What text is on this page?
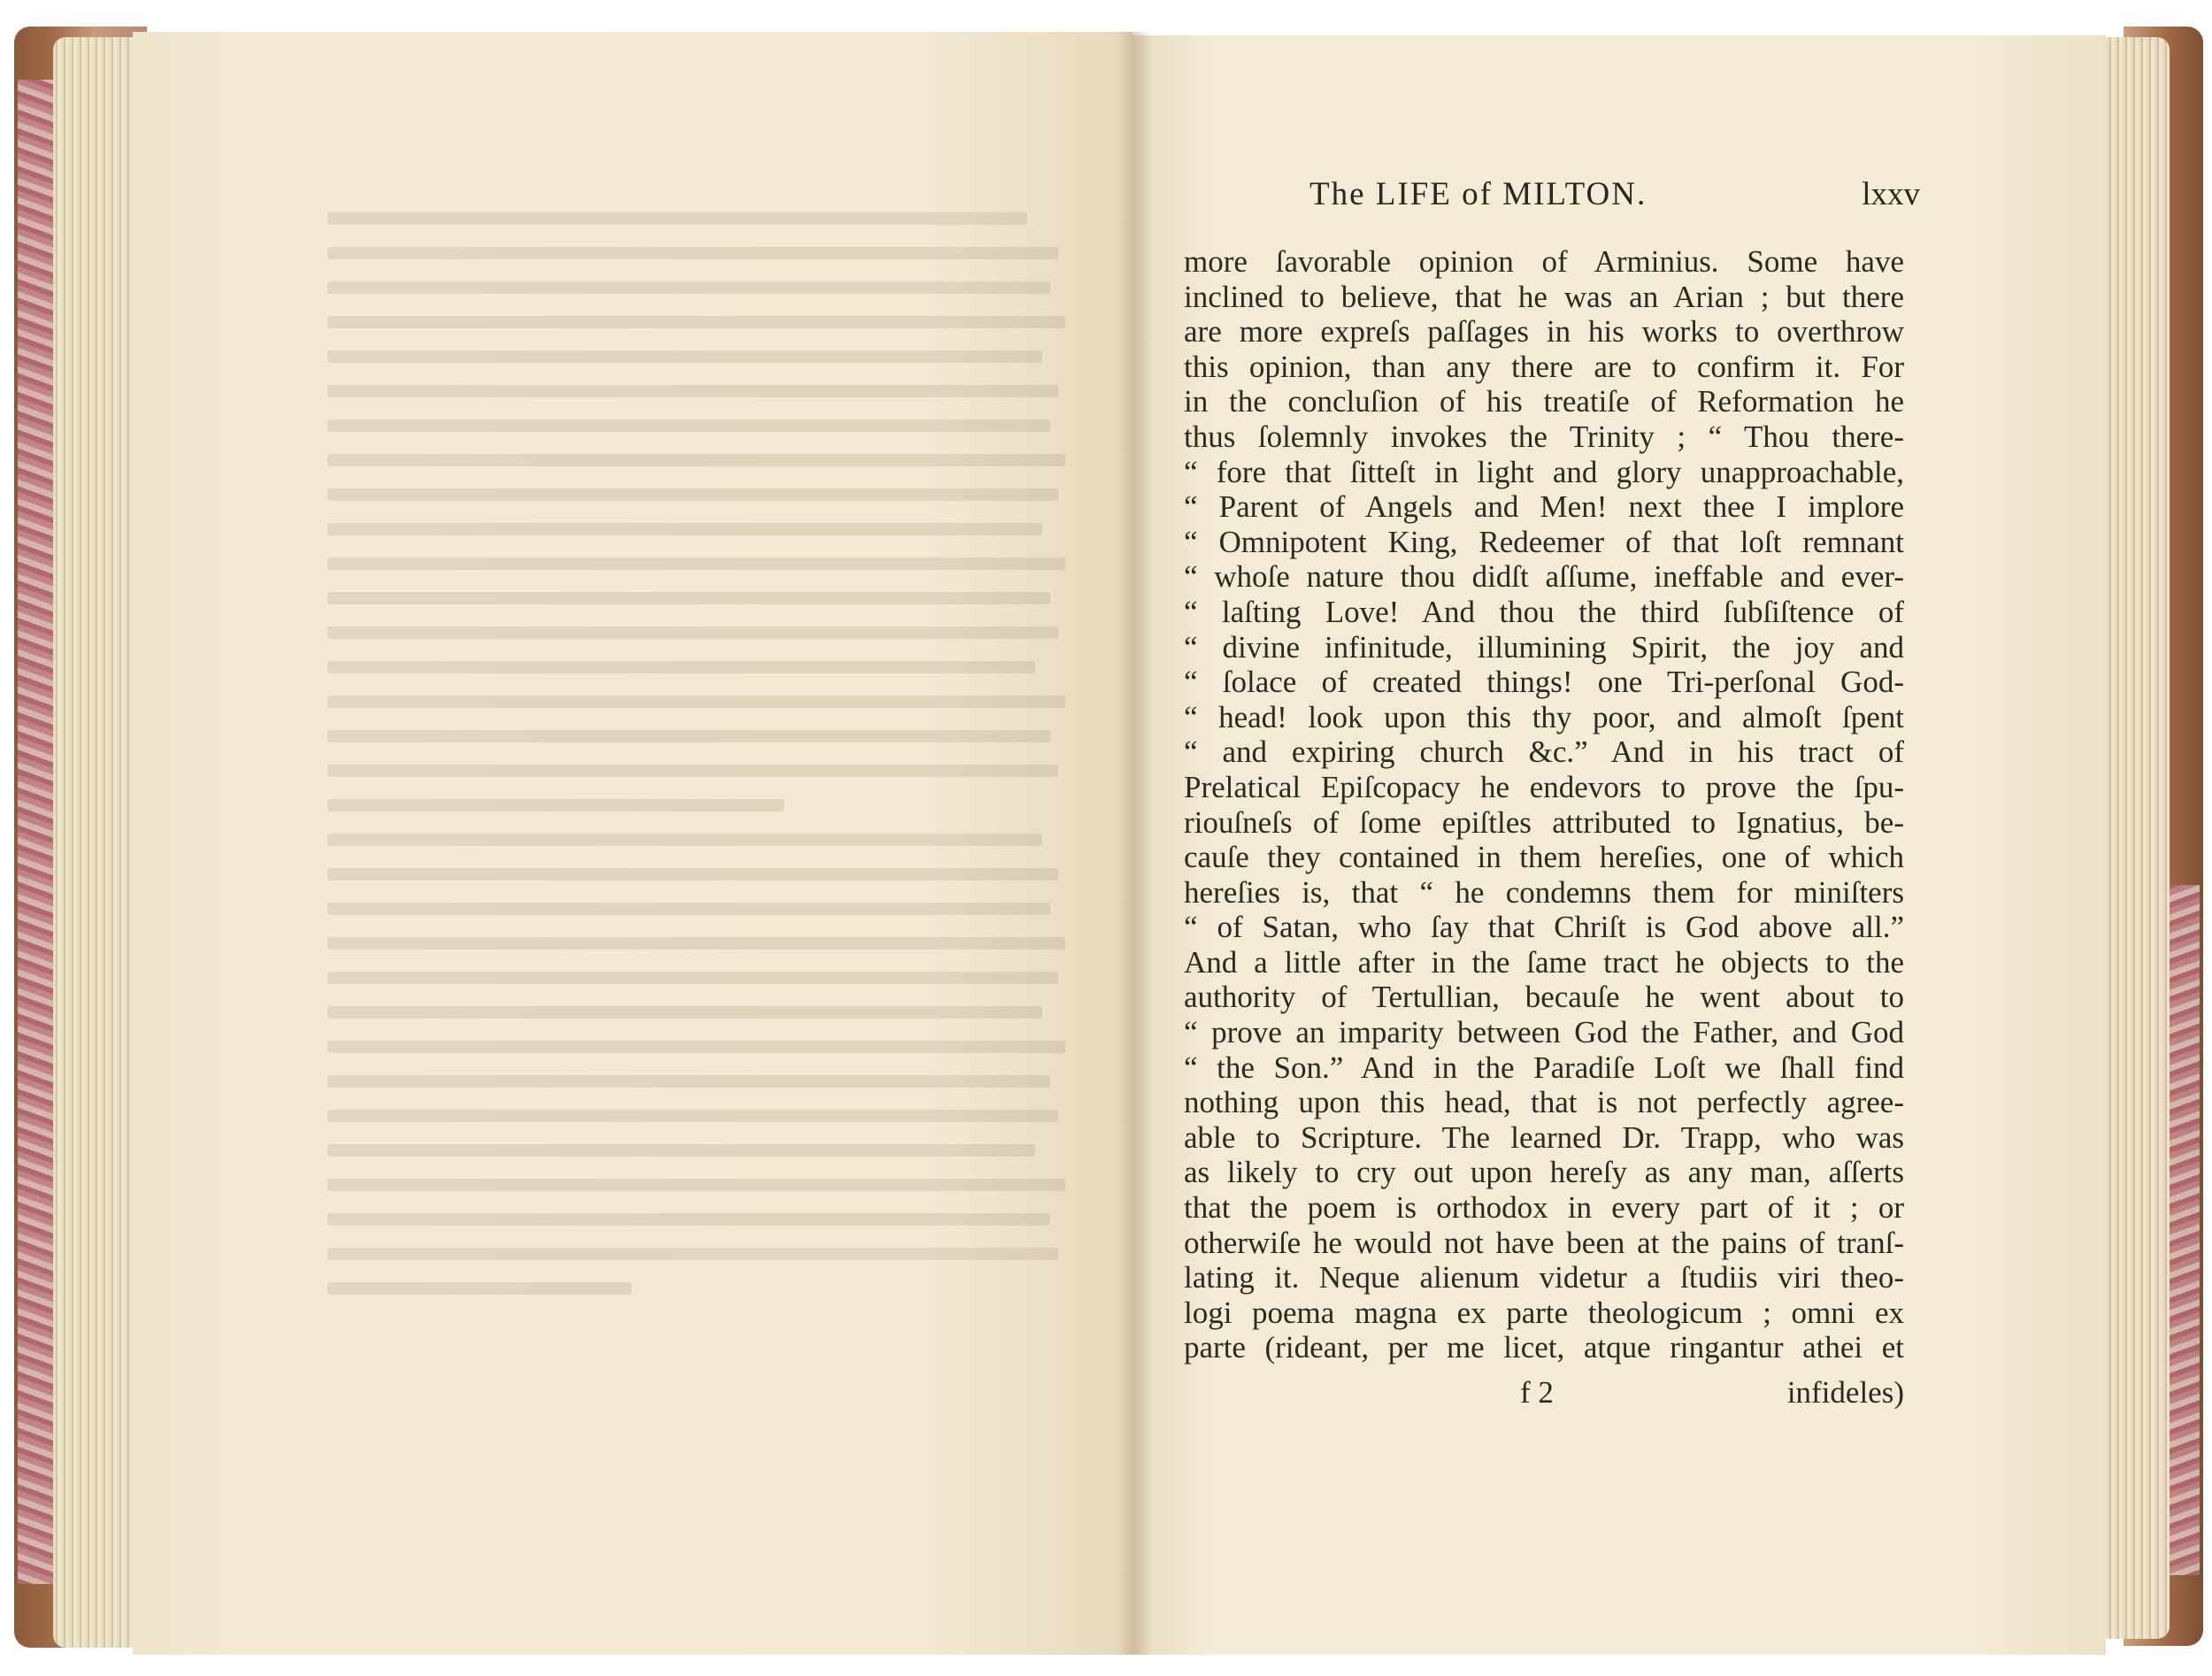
The LIFE of MILTON.	lxxv
more ſavorable opinion of Arminius. Some have
inclined to believe, that he was an Arian ; but there
are more expreſs paſſages in his works to overthrow
this opinion, than any there are to confirm it. For
in the concluſion of his treatiſe of Reformation he
thus ſolemnly invokes the Trinity ; “ Thou there-
“ fore that ſitteſt in light and glory unapproachable,
“ Parent of Angels and Men! next thee I implore
“ Omnipotent King, Redeemer of that loſt remnant
“ whoſe nature thou didſt aſſume, ineffable and ever-
“ laſting Love! And thou the third ſubſiſtence of
“ divine infinitude, illumining Spirit, the joy and
“ ſolace of created things! one Tri-perſonal God-
“ head! look upon this thy poor, and almoſt ſpent
“ and expiring church &c.” And in his tract of
Prelatical Epiſcopacy he endevors to prove the ſpu-
riouſneſs of ſome epiſtles attributed to Ignatius, be-
cauſe they contained in them hereſies, one of which
hereſies is, that “ he condemns them for miniſters
“ of Satan, who ſay that Chriſt is God above all.”
And a little after in the ſame tract he objects to the
authority of Tertullian, becauſe he went about to
“ prove an imparity between God the Father, and God
“ the Son.” And in the Paradiſe Loſt we ſhall find
nothing upon this head, that is not perfectly agree-
able to Scripture. The learned Dr. Trapp, who was
as likely to cry out upon hereſy as any man, aſſerts
that the poem is orthodox in every part of it ; or
otherwiſe he would not have been at the pains of tranſ-
lating it. Neque alienum videtur a ſtudiis viri theo-
logi poema magna ex parte theologicum ; omni ex
parte (rideant, per me licet, atque ringantur athei et
f 2	infideles)
